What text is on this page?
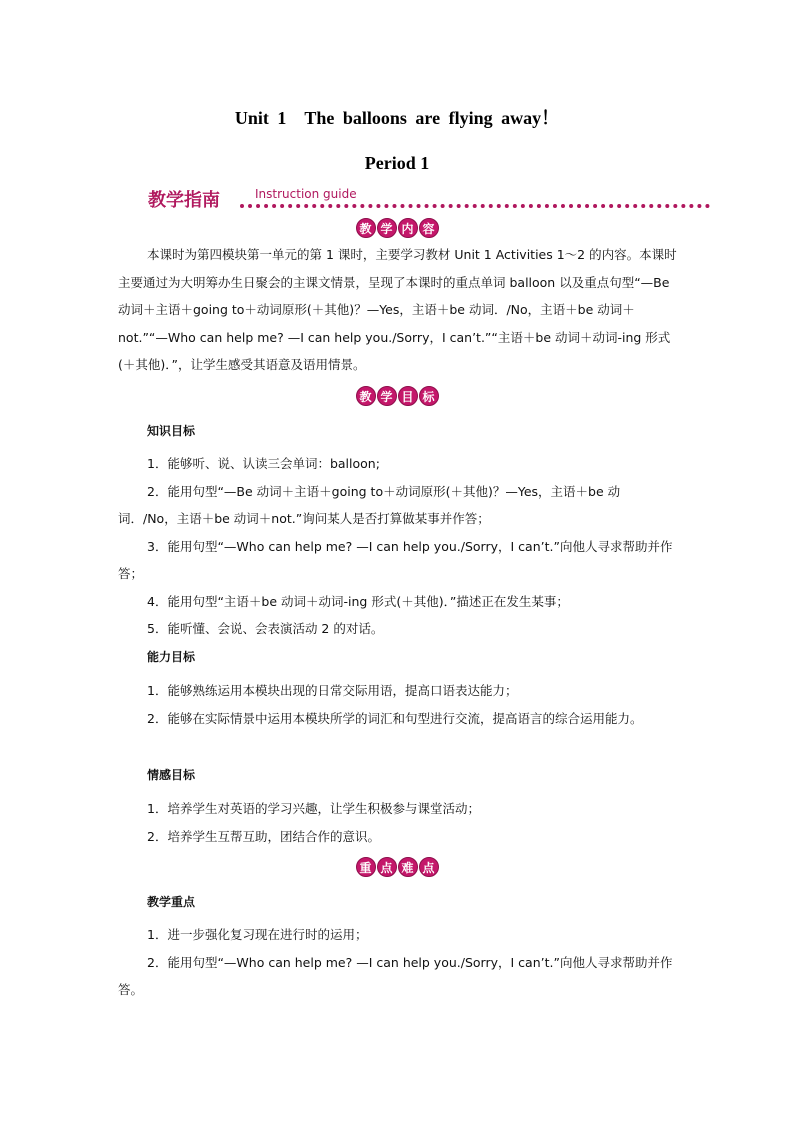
Unit 1　The balloons are flying away！
Period 1
教学指南	Instruction guide
教 学 内 容

本课时为第四模块第一单元的第 1 课时，主要学习教材 Unit 1 Activities 1～2 的内容。本课时主要通过为大明筹办生日聚会的主课文情景，呈现了本课时的重点单词 balloon 以及重点句型“—Be 动词＋主语＋going to＋动词原形(＋其他)？—Yes，主语＋be 动词．/No，主语＋be 动词＋not.”“—Who can help me? —I can help you./Sorry，I can’t.”“主语＋be 动词＋动词-ing 形式(＋其他)．”，让学生感受其语意及语用情景。

教 学 目 标
知识目标

1．能够听、说、认读三会单词：balloon;

2．能用句型“—Be 动词＋主语＋going to＋动词原形(＋其他)？—Yes，主语＋be 动词．/No，主语＋be 动词＋not.”询问某人是否打算做某事并作答；

3．能用句型“—Who can help me? —I can help you./Sorry，I can’t.”向他人寻求帮助并作答；

4．能用句型“主语＋be 动词＋动词-ing 形式(＋其他)．”描述正在发生某事；

5．能听懂、会说、会表演活动 2 的对话。

能力目标

1．能够熟练运用本模块出现的日常交际用语，提高口语表达能力；

2．能够在实际情景中运用本模块所学的词汇和句型进行交流，提高语言的综合运用能力。

情感目标

1．培养学生对英语的学习兴趣，让学生积极参与课堂活动；

2．培养学生互帮互助，团结合作的意识。

重 点 难 点
教学重点

1．进一步强化复习现在进行时的运用；

2．能用句型“—Who can help me? —I can help you./Sorry，I can’t.”向他人寻求帮助并作答。
